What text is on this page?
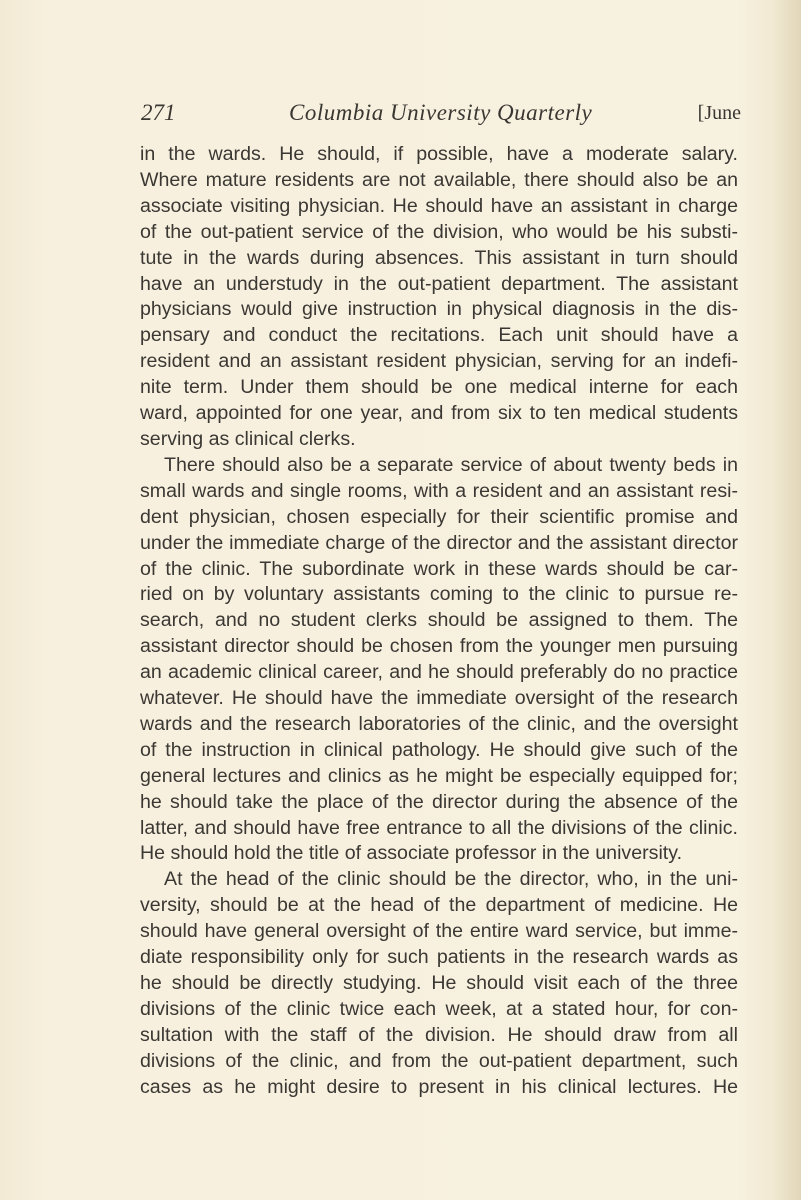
271	Columbia University Quarterly	[June

in the wards. He should, if possible, have a moderate salary.

Where mature residents are not available, there should also be an

associate visiting physician. He should have an assistant in charge

of the out-patient service of the division, who would be his substi-

tute in the wards during absences. This assistant in turn should

have an understudy in the out-patient department. The assistant

physicians would give instruction in physical diagnosis in the dis-

pensary and conduct the recitations. Each unit should have a

resident and an assistant resident physician, serving for an indefi-

nite term. Under them should be one medical interne for each

ward, appointed for one year, and from six to ten medical students

serving as clinical clerks.

There should also be a separate service of about twenty beds in

small wards and single rooms, with a resident and an assistant resi-

dent physician, chosen especially for their scientific promise and

under the immediate charge of the director and the assistant director

of the clinic. The subordinate work in these wards should be car-

ried on by voluntary assistants coming to the clinic to pursue re-

search, and no student clerks should be assigned to them. The

assistant director should be chosen from the younger men pursuing

an academic clinical career, and he should preferably do no practice

whatever. He should have the immediate oversight of the research

wards and the research laboratories of the clinic, and the oversight

of the instruction in clinical pathology. He should give such of the

general lectures and clinics as he might be especially equipped for;

he should take the place of the director during the absence of the

latter, and should have free entrance to all the divisions of the clinic.

He should hold the title of associate professor in the university.

At the head of the clinic should be the director, who, in the uni-

versity, should be at the head of the department of medicine. He

should have general oversight of the entire ward service, but imme-

diate responsibility only for such patients in the research wards as

he should be directly studying. He should visit each of the three

divisions of the clinic twice each week, at a stated hour, for con-

sultation with the staff of the division. He should draw from all

divisions of the clinic, and from the out-patient department, such

cases as he might desire to present in his clinical lectures. He
